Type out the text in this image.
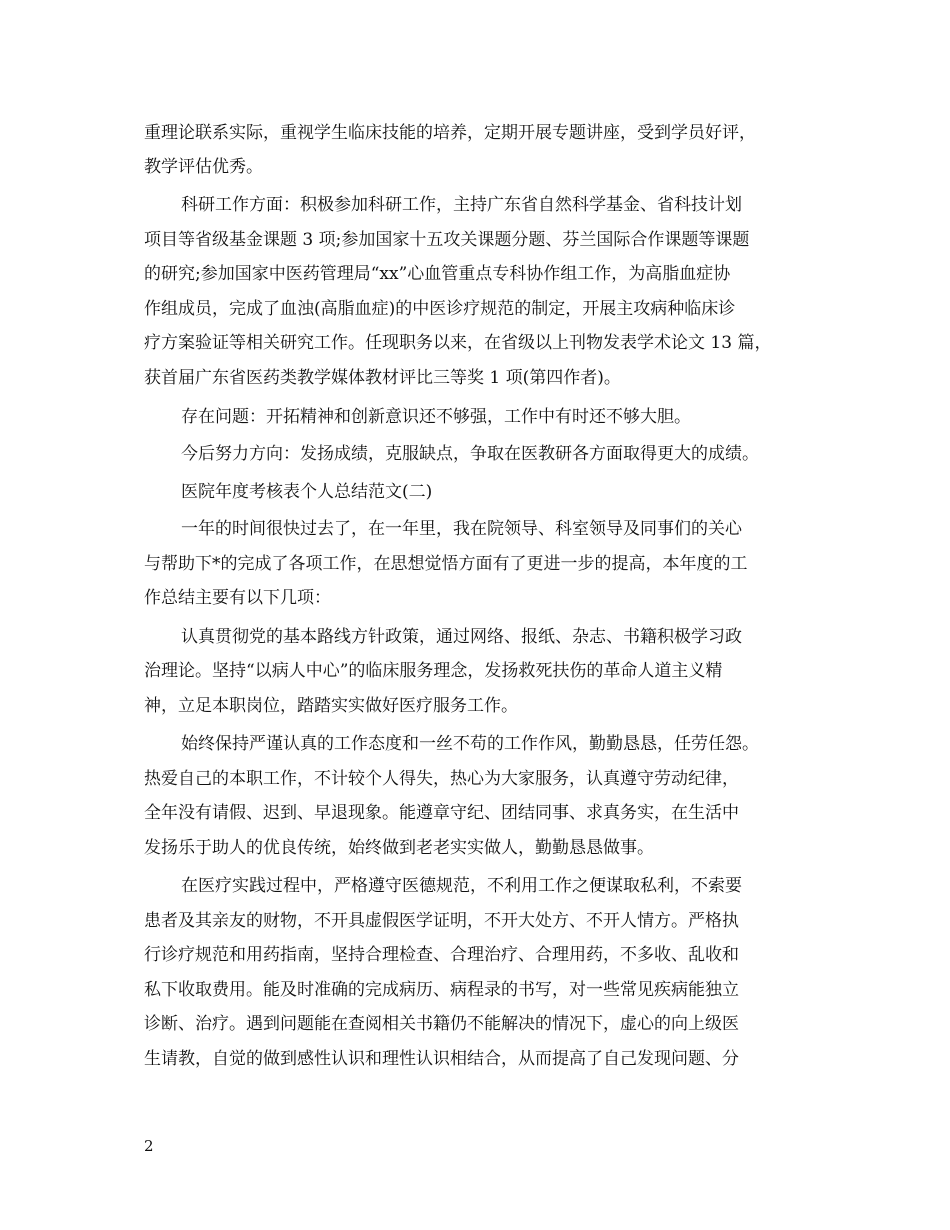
重理论联系实际，重视学生临床技能的培养，定期开展专题讲座，受到学员好评，
教学评估优秀。
科研工作方面：积极参加科研工作，主持广东省自然科学基金、省科技计划
项目等省级基金课题 3 项;参加国家十五攻关课题分题、芬兰国际合作课题等课题
的研究;参加国家中医药管理局“xx”心血管重点专科协作组工作，为高脂血症协
作组成员，完成了血浊(高脂血症)的中医诊疗规范的制定，开展主攻病种临床诊
疗方案验证等相关研究工作。任现职务以来，在省级以上刊物发表学术论文 13 篇，
获首届广东省医药类教学媒体教材评比三等奖 1 项(第四作者)。
存在问题：开拓精神和创新意识还不够强，工作中有时还不够大胆。
今后努力方向：发扬成绩，克服缺点，争取在医教研各方面取得更大的成绩。
医院年度考核表个人总结范文(二)
一年的时间很快过去了，在一年里，我在院领导、科室领导及同事们的关心
与帮助下*的完成了各项工作，在思想觉悟方面有了更进一步的提高，本年度的工
作总结主要有以下几项：
认真贯彻党的基本路线方针政策，通过网络、报纸、杂志、书籍积极学习政
治理论。坚持“以病人中心”的临床服务理念，发扬救死扶伤的革命人道主义精
神，立足本职岗位，踏踏实实做好医疗服务工作。
始终保持严谨认真的工作态度和一丝不苟的工作作风，勤勤恳恳，任劳任怨。
热爱自己的本职工作，不计较个人得失，热心为大家服务，认真遵守劳动纪律，
全年没有请假、迟到、早退现象。能遵章守纪、团结同事、求真务实，在生活中
发扬乐于助人的优良传统，始终做到老老实实做人，勤勤恳恳做事。
在医疗实践过程中，严格遵守医德规范，不利用工作之便谋取私利，不索要
患者及其亲友的财物，不开具虚假医学证明，不开大处方、不开人情方。严格执
行诊疗规范和用药指南，坚持合理检查、合理治疗、合理用药，不多收、乱收和
私下收取费用。能及时准确的完成病历、病程录的书写，对一些常见疾病能独立
诊断、治疗。遇到问题能在查阅相关书籍仍不能解决的情况下，虚心的向上级医
生请教，自觉的做到感性认识和理性认识相结合，从而提高了自己发现问题、分
2
